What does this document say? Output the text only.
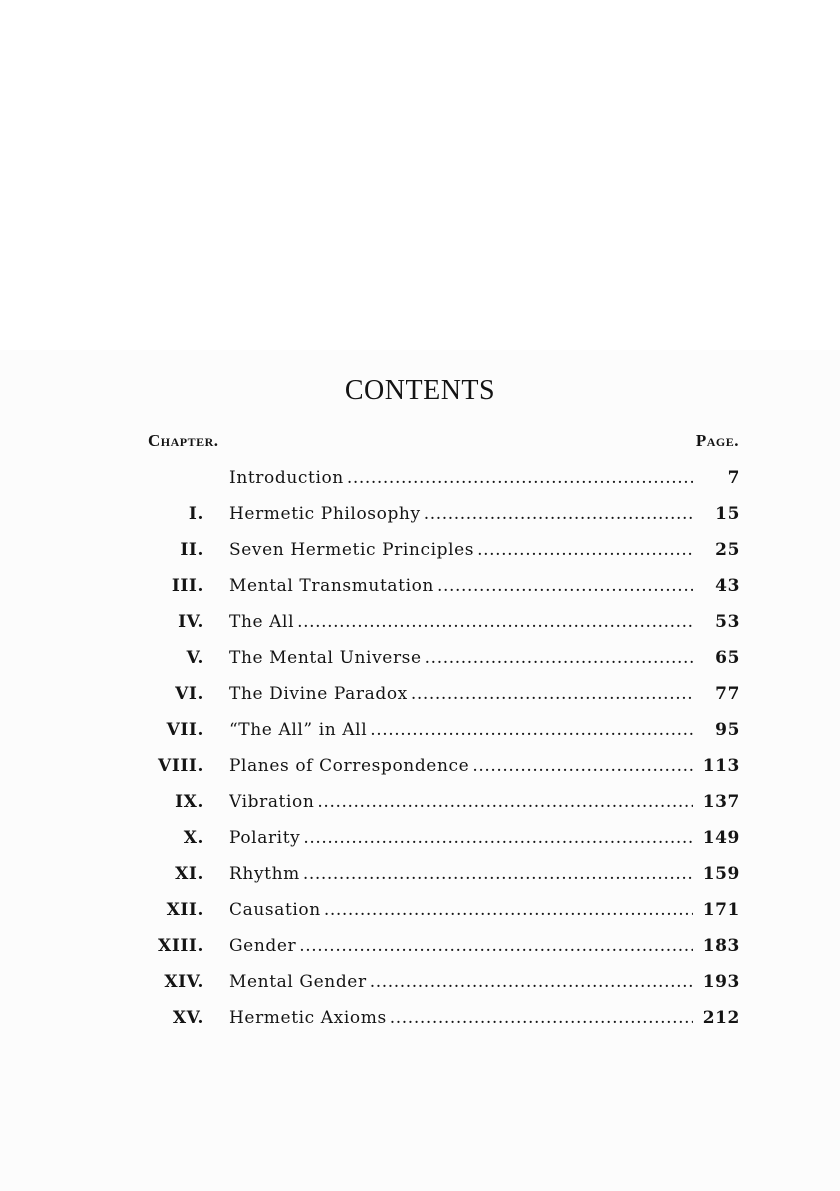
CONTENTS
Chapter.	Page.
Introduction . . .	7
I. Hermetic Philosophy . . .	15
II. Seven Hermetic Principles . . .	25
III. Mental Transmutation . . .	43
IV. The All . . .	53
V. The Mental Universe . . .	65
VI. The Divine Paradox . . .	77
VII. “The All” in All . . .	95
VIII. Planes of Correspondence . . .	113
IX. Vibration . . .	137
X. Polarity . . .	149
XI. Rhythm . . .	159
XII. Causation . . .	171
XIII. Gender . . .	183
XIV. Mental Gender . . .	193
XV. Hermetic Axioms . . .	212
